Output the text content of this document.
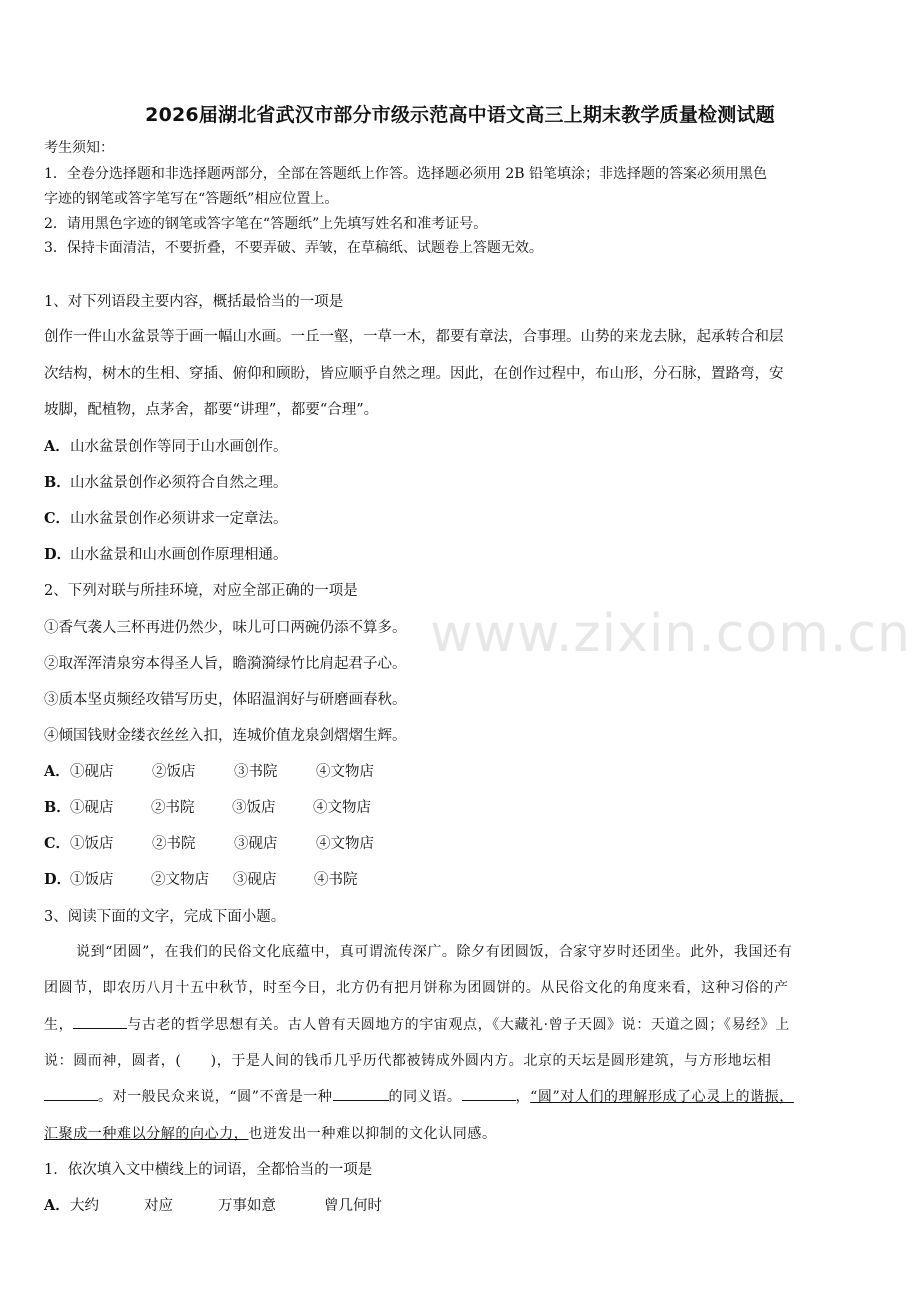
2026届湖北省武汉市部分市级示范高中语文高三上期末教学质量检测试题
考生须知：
1．全卷分选择题和非选择题两部分，全部在答题纸上作答。选择题必须用 2B 铅笔填涂；非选择题的答案必须用黑色
字迹的钢笔或答字笔写在“答题纸”相应位置上。
2．请用黑色字迹的钢笔或答字笔在“答题纸”上先填写姓名和准考证号。
3．保持卡面清洁，不要折叠，不要弄破、弄皱，在草稿纸、试题卷上答题无效。
1、对下列语段主要内容，概括最恰当的一项是
创作一件山水盆景等于画一幅山水画。一丘一壑，一草一木，都要有章法，合事理。山势的来龙去脉，起承转合和层
次结构，树木的生相、穿插、俯仰和顾盼，皆应顺乎自然之理。因此，在创作过程中，布山形，分石脉，置路弯，安
坡脚，配植物，点茅舍，都要“讲理”，都要“合理”。
A．山水盆景创作等同于山水画创作。
B．山水盆景创作必须符合自然之理。
C．山水盆景创作必须讲求一定章法。
D．山水盆景和山水画创作原理相通。
2、下列对联与所挂环境，对应全部正确的一项是
①香气袭人三杯再进仍然少，味儿可口两碗仍添不算多。
②取浑浑清泉穷本得圣人旨，瞻漪漪绿竹比肩起君子心。
③质本坚贞频经攻错写历史，体昭温润好与研磨画春秋。
④倾国钱财金缕衣丝丝入扣，连城价值龙泉剑熠熠生辉。
A．①砚店	②饭店	③书院	④文物店
B．①砚店	②书院	③饭店	④文物店
C．①饭店	②书院	③砚店	④文物店
D．①饭店	②文物店 ③砚店	④书院
3、阅读下面的文字，完成下面小题。
说到“团圆”，在我们的民俗文化底蕴中，真可谓流传深广。除夕有团圆饭，合家守岁时还团坐。此外，我国还有
团圆节，即农历八月十五中秋节，时至今日，北方仍有把月饼称为团圆饼的。从民俗文化的角度来看，这种习俗的产
生，	与古老的哲学思想有关。古人曾有天圆地方的宇宙观点，《大藏礼·曾子天圆》说：天道之圆；《易经》上
说：圆而神，圆者，(　　)，于是人间的钱币几乎历代都被铸成外圆内方。北京的天坛是圆形建筑，与方形地坛相
。对一般民众来说，“圆”不啻是一种	的同义语。	，“圆”对人们的理解形成了心灵上的谐振，
汇聚成一种难以分解的向心力，也迸发出一种难以抑制的文化认同感。
1．依次填入文中横线上的词语，全都恰当的一项是
A．大约	对应	万事如意	曾几何时
www.zixin.com.cn
